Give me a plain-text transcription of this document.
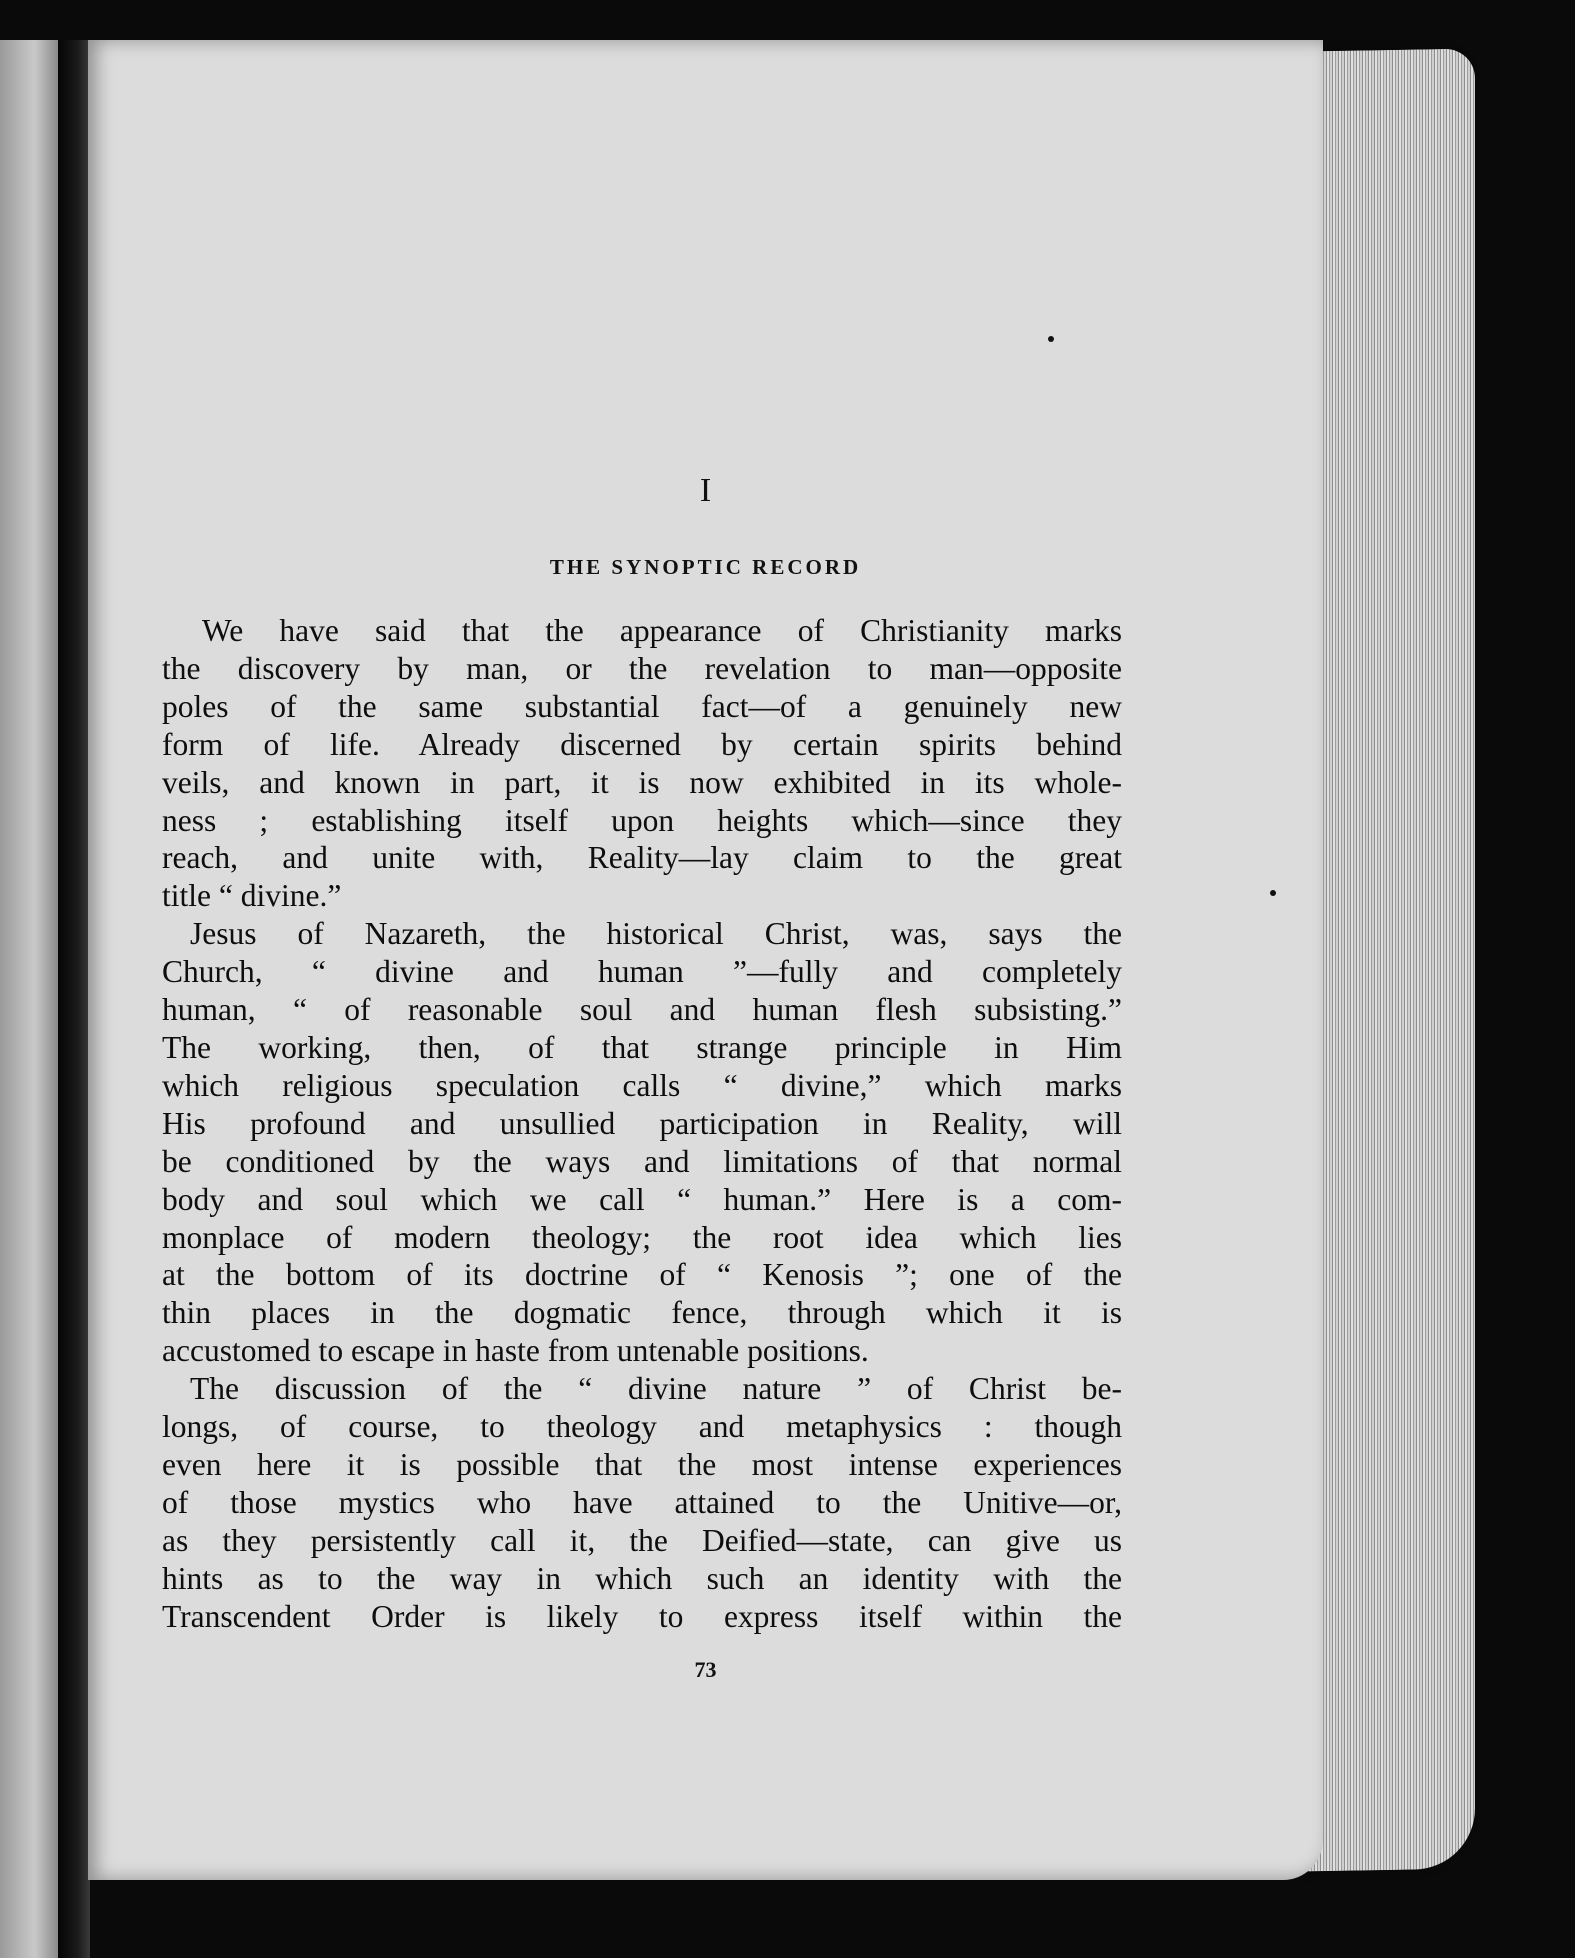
I
THE SYNOPTIC RECORD
We have said that the appearance of Christianity marks
the discovery by man, or the revelation to man—opposite
poles of the same substantial fact—of a genuinely new
form of life. Already discerned by certain spirits behind
veils, and known in part, it is now exhibited in its whole-
ness ; establishing itself upon heights which—since they
reach, and unite with, Reality—lay claim to the great
title “ divine.”
Jesus of Nazareth, the historical Christ, was, says the
Church, “ divine and human ”—fully and completely
human, “ of reasonable soul and human flesh subsisting.”
The working, then, of that strange principle in Him
which religious speculation calls “ divine,” which marks
His profound and unsullied participation in Reality, will
be conditioned by the ways and limitations of that normal
body and soul which we call “ human.” Here is a com-
monplace of modern theology; the root idea which lies
at the bottom of its doctrine of “ Kenosis ”; one of the
thin places in the dogmatic fence, through which it is
accustomed to escape in haste from untenable positions.
The discussion of the “ divine nature ” of Christ be-
longs, of course, to theology and metaphysics : though
even here it is possible that the most intense experiences
of those mystics who have attained to the Unitive—or,
as they persistently call it, the Deified—state, can give us
hints as to the way in which such an identity with the
Transcendent Order is likely to express itself within the
73
